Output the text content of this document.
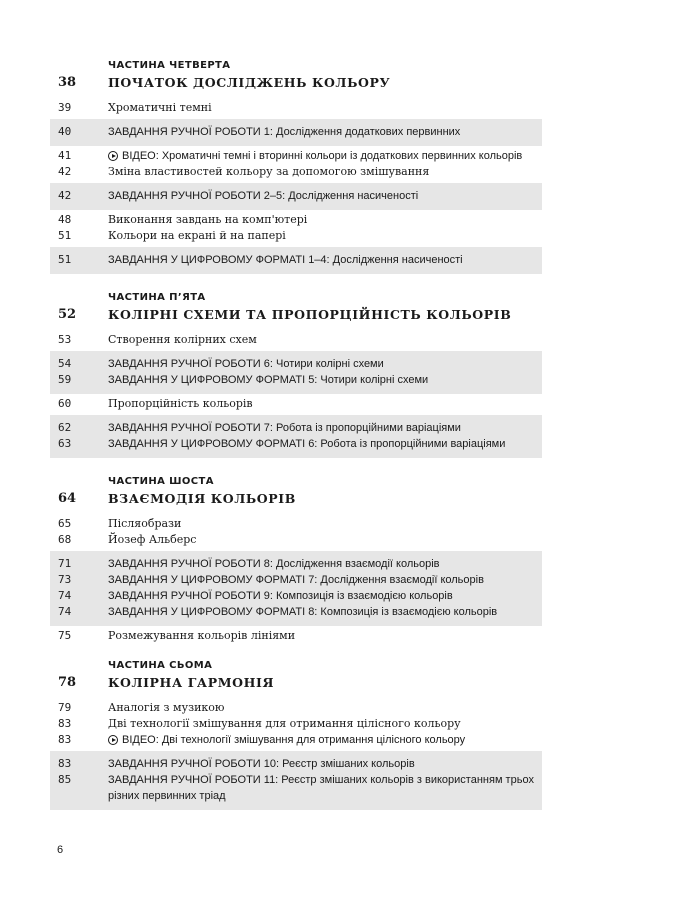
ЧАСТИНА ЧЕТВЕРТА
38	ПОЧАТОК ДОСЛІДЖЕНЬ КОЛЬОРУ
39	Хроматичні темні
40	ЗАВДАННЯ РУЧНОЇ РОБОТИ 1: Дослідження додаткових первинних
41	ВІДЕО: Хроматичні темні і вторинні кольори із додаткових первинних кольорів
42	Зміна властивостей кольору за допомогою змішування
42	ЗАВДАННЯ РУЧНОЇ РОБОТИ 2–5: Дослідження насиченості
48	Виконання завдань на комп'ютері
51	Кольори на екрані й на папері
51	ЗАВДАННЯ У ЦИФРОВОМУ ФОРМАТІ 1–4: Дослідження насиченості
ЧАСТИНА П’ЯТА
52	КОЛІРНІ СХЕМИ ТА ПРОПОРЦІЙНІСТЬ КОЛЬОРІВ
53	Створення колірних схем
54	ЗАВДАННЯ РУЧНОЇ РОБОТИ 6: Чотири колірні схеми
59	ЗАВДАННЯ У ЦИФРОВОМУ ФОРМАТІ 5: Чотири колірні схеми
60	Пропорційність кольорів
62	ЗАВДАННЯ РУЧНОЇ РОБОТИ 7: Робота із пропорційними варіаціями
63	ЗАВДАННЯ У ЦИФРОВОМУ ФОРМАТІ 6: Робота із пропорційними варіаціями
ЧАСТИНА ШОСТА
64	ВЗАЄМОДІЯ КОЛЬОРІВ
65	Післяобрази
68	Йозеф Альберс
71	ЗАВДАННЯ РУЧНОЇ РОБОТИ 8: Дослідження взаємодії кольорів
73	ЗАВДАННЯ У ЦИФРОВОМУ ФОРМАТІ 7: Дослідження взаємодії кольорів
74	ЗАВДАННЯ РУЧНОЇ РОБОТИ 9: Композиція із взаємодією кольорів
74	ЗАВДАННЯ У ЦИФРОВОМУ ФОРМАТІ 8: Композиція із взаємодією кольорів
75	Розмежування кольорів лініями
ЧАСТИНА СЬОМА
78	КОЛІРНА ГАРМОНІЯ
79	Аналогія з музикою
83	Дві технології змішування для отримання цілісного кольору
83	ВІДЕО: Дві технології змішування для отримання цілісного кольору
83	ЗАВДАННЯ РУЧНОЇ РОБОТИ 10: Реєстр змішаних кольорів
85	ЗАВДАННЯ РУЧНОЇ РОБОТИ 11: Реєстр змішаних кольорів з використанням трьох різних первинних тріад
6
